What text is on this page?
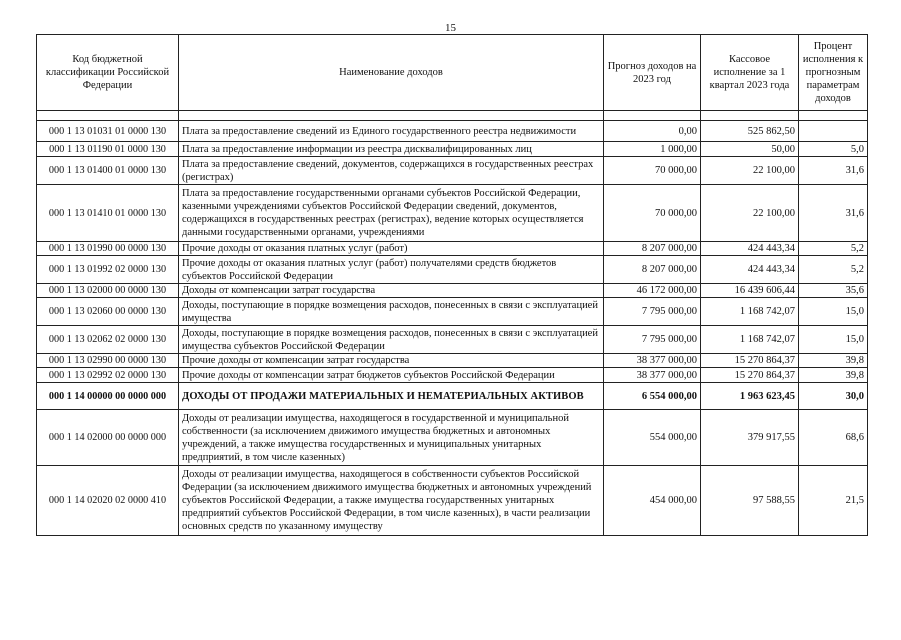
15
Код бюджетной классификации Российской Федерации	Наименование доходов	Прогноз доходов на 2023 год	Кассовое исполнение за 1 квартал 2023 года	Процент исполнения к прогнозным параметрам доходов

000 1 13 01031 01 0000 130	Плата за предоставление сведений из Единого государственного реестра недвижимости	0,00	525 862,50	
000 1 13 01190 01 0000 130	Плата за предоставление информации из реестра дисквалифицированных лиц	1 000,00	50,00	5,0
000 1 13 01400 01 0000 130	Плата за предоставление сведений, документов, содержащихся в государственных реестрах (регистрах)	70 000,00	22 100,00	31,6
000 1 13 01410 01 0000 130	Плата за предоставление государственными органами субъектов Российской Федерации, казенными учреждениями субъектов Российской Федерации сведений, документов, содержащихся в государственных реестрах (регистрах), ведение которых осуществляется данными государственными органами, учреждениями	70 000,00	22 100,00	31,6
000 1 13 01990 00 0000 130	Прочие доходы от оказания платных услуг (работ)	8 207 000,00	424 443,34	5,2
000 1 13 01992 02 0000 130	Прочие доходы от оказания платных услуг (работ) получателями средств бюджетов субъектов Российской Федерации	8 207 000,00	424 443,34	5,2
000 1 13 02000 00 0000 130	Доходы от компенсации затрат государства	46 172 000,00	16 439 606,44	35,6
000 1 13 02060 00 0000 130	Доходы, поступающие в порядке возмещения расходов, понесенных в связи с эксплуатацией имущества	7 795 000,00	1 168 742,07	15,0
000 1 13 02062 02 0000 130	Доходы, поступающие в порядке возмещения расходов, понесенных в связи с эксплуатацией имущества субъектов Российской Федерации	7 795 000,00	1 168 742,07	15,0
000 1 13 02990 00 0000 130	Прочие доходы от компенсации затрат государства	38 377 000,00	15 270 864,37	39,8
000 1 13 02992 02 0000 130	Прочие доходы от компенсации затрат бюджетов субъектов Российской Федерации	38 377 000,00	15 270 864,37	39,8
000 1 14 00000 00 0000 000	ДОХОДЫ ОТ ПРОДАЖИ МАТЕРИАЛЬНЫХ И НЕМАТЕРИАЛЬНЫХ АКТИВОВ	6 554 000,00	1 963 623,45	30,0
000 1 14 02000 00 0000 000	Доходы от реализации имущества, находящегося в государственной и муниципальной собственности (за исключением движимого имущества бюджетных и автономных учреждений, а также имущества государственных и муниципальных унитарных предприятий, в том числе казенных)	554 000,00	379 917,55	68,6
000 1 14 02020 02 0000 410	Доходы от реализации имущества, находящегося в собственности субъектов Российской Федерации (за исключением движимого имущества бюджетных и автономных учреждений субъектов Российской Федерации, а также имущества государственных унитарных предприятий субъектов Российской Федерации, в том числе казенных), в части реализации основных средств по указанному имуществу	454 000,00	97 588,55	21,5
